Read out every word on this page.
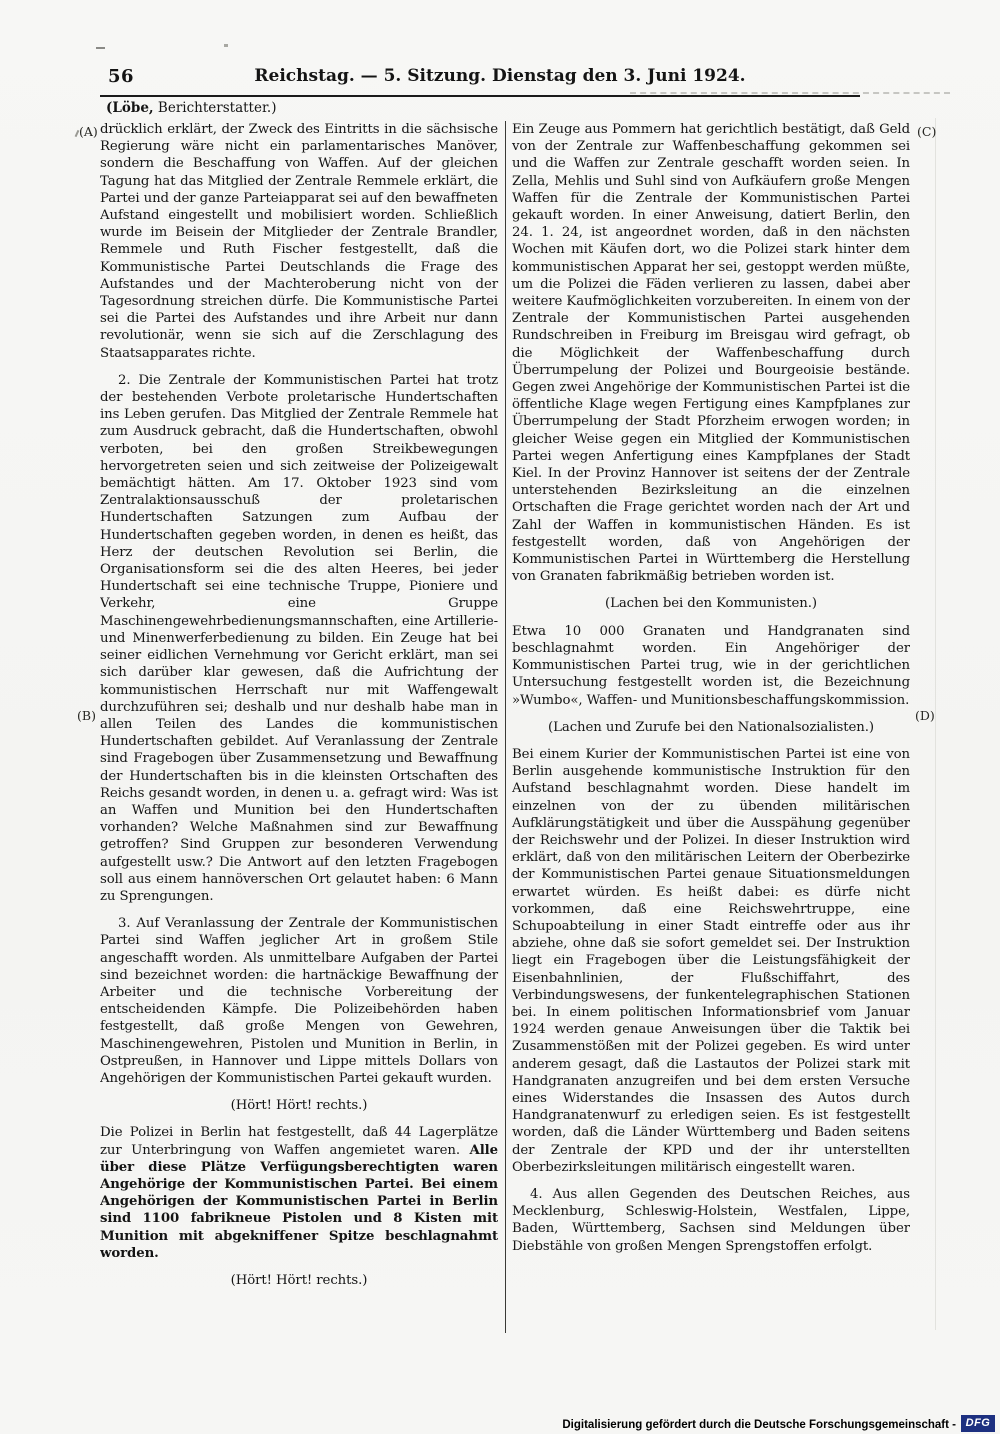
56	Reichstag. — 5. Sitzung. Dienstag den 3. Juni 1924.
(Löbe, Berichterstatter.)
(A)
(B)
(C)
(D)
drücklich erklärt, der Zweck des Eintritts in die sächsische Regierung wäre nicht ein parlamentarisches Manöver, sondern die Beschaffung von Waffen. Auf der gleichen Tagung hat das Mitglied der Zentrale Remmele erklärt, die Partei und der ganze Parteiapparat sei auf den bewaffneten Aufstand eingestellt und mobilisiert worden. Schließlich wurde im Beisein der Mitglieder der Zentrale Brandler, Remmele und Ruth Fischer festgestellt, daß die Kommunistische Partei Deutschlands die Frage des Aufstandes und der Machteroberung nicht von der Tagesordnung streichen dürfe. Die Kommunistische Partei sei die Partei des Aufstandes und ihre Arbeit nur dann revolutionär, wenn sie sich auf die Zerschlagung des Staatsapparates richte.
2. Die Zentrale der Kommunistischen Partei hat trotz der bestehenden Verbote proletarische Hundertschaften ins Leben gerufen. Das Mitglied der Zentrale Remmele hat zum Ausdruck gebracht, daß die Hundertschaften, obwohl verboten, bei den großen Streikbewegungen hervorgetreten seien und sich zeitweise der Polizeigewalt bemächtigt hätten. Am 17. Oktober 1923 sind vom Zentralaktionsausschuß der proletarischen Hundertschaften Satzungen zum Aufbau der Hundertschaften gegeben worden, in denen es heißt, das Herz der deutschen Revolution sei Berlin, die Organisationsform sei die des alten Heeres, bei jeder Hundertschaft sei eine technische Truppe, Pioniere und Verkehr, eine Gruppe Maschinengewehrbedienungsmannschaften, eine Artillerie- und Minenwerferbedienung zu bilden. Ein Zeuge hat bei seiner eidlichen Vernehmung vor Gericht erklärt, man sei sich darüber klar gewesen, daß die Aufrichtung der kommunistischen Herrschaft nur mit Waffengewalt durchzuführen sei; deshalb und nur deshalb habe man in allen Teilen des Landes die kommunistischen Hundertschaften gebildet. Auf Veranlassung der Zentrale sind Fragebogen über Zusammensetzung und Bewaffnung der Hundertschaften bis in die kleinsten Ortschaften des Reichs gesandt worden, in denen u. a. gefragt wird: Was ist an Waffen und Munition bei den Hundertschaften vorhanden? Welche Maßnahmen sind zur Bewaffnung getroffen? Sind Gruppen zur besonderen Verwendung aufgestellt usw.? Die Antwort auf den letzten Fragebogen soll aus einem hannöverschen Ort gelautet haben: 6 Mann zu Sprengungen.
3. Auf Veranlassung der Zentrale der Kommunistischen Partei sind Waffen jeglicher Art in großem Stile angeschafft worden. Als unmittelbare Aufgaben der Partei sind bezeichnet worden: die hartnäckige Bewaffnung der Arbeiter und die technische Vorbereitung der entscheidenden Kämpfe. Die Polizeibehörden haben festgestellt, daß große Mengen von Gewehren, Maschinengewehren, Pistolen und Munition in Berlin, in Ostpreußen, in Hannover und Lippe mittels Dollars von Angehörigen der Kommunistischen Partei gekauft wurden.
(Hört! Hört! rechts.)
Die Polizei in Berlin hat festgestellt, daß 44 Lagerplätze zur Unterbringung von Waffen angemietet waren. Alle über diese Plätze Verfügungsberechtigten waren Angehörige der Kommunistischen Partei. Bei einem Angehörigen der Kommunistischen Partei in Berlin sind 1100 fabrikneue Pistolen und 8 Kisten mit Munition mit abgekniffener Spitze beschlagnahmt worden.
(Hört! Hört! rechts.)
Ein Zeuge aus Pommern hat gerichtlich bestätigt, daß Geld von der Zentrale zur Waffenbeschaffung gekommen sei und die Waffen zur Zentrale geschafft worden seien. In Zella, Mehlis und Suhl sind von Aufkäufern große Mengen Waffen für die Zentrale der Kommunistischen Partei gekauft worden. In einer Anweisung, datiert Berlin, den 24. 1. 24, ist angeordnet worden, daß in den nächsten Wochen mit Käufen dort, wo die Polizei stark hinter dem kommunistischen Apparat her sei, gestoppt werden müßte, um die Polizei die Fäden verlieren zu lassen, dabei aber weitere Kaufmöglichkeiten vorzubereiten. In einem von der Zentrale der Kommunistischen Partei ausgehenden Rundschreiben in Freiburg im Breisgau wird gefragt, ob die Möglichkeit der Waffenbeschaffung durch Überrumpelung der Polizei und Bourgeoisie bestände. Gegen zwei Angehörige der Kommunistischen Partei ist die öffentliche Klage wegen Fertigung eines Kampfplanes zur Überrumpelung der Stadt Pforzheim erwogen worden; in gleicher Weise gegen ein Mitglied der Kommunistischen Partei wegen Anfertigung eines Kampfplanes der Stadt Kiel. In der Provinz Hannover ist seitens der der Zentrale unterstehenden Bezirksleitung an die einzelnen Ortschaften die Frage gerichtet worden nach der Art und Zahl der Waffen in kommunistischen Händen. Es ist festgestellt worden, daß von Angehörigen der Kommunistischen Partei in Württemberg die Herstellung von Granaten fabrikmäßig betrieben worden ist.
(Lachen bei den Kommunisten.)
Etwa 10 000 Granaten und Handgranaten sind beschlagnahmt worden. Ein Angehöriger der Kommunistischen Partei trug, wie in der gerichtlichen Untersuchung festgestellt worden ist, die Bezeichnung »Wumbo«, Waffen- und Munitionsbeschaffungskommission.
(Lachen und Zurufe bei den Nationalsozialisten.)
Bei einem Kurier der Kommunistischen Partei ist eine von Berlin ausgehende kommunistische Instruktion für den Aufstand beschlagnahmt worden. Diese handelt im einzelnen von der zu übenden militärischen Aufklärungstätigkeit und über die Ausspähung gegenüber der Reichswehr und der Polizei. In dieser Instruktion wird erklärt, daß von den militärischen Leitern der Oberbezirke der Kommunistischen Partei genaue Situationsmeldungen erwartet würden. Es heißt dabei: es dürfe nicht vorkommen, daß eine Reichswehrtruppe, eine Schupoabteilung in einer Stadt eintreffe oder aus ihr abziehe, ohne daß sie sofort gemeldet sei. Der Instruktion liegt ein Fragebogen über die Leistungsfähigkeit der Eisenbahnlinien, der Flußschiffahrt, des Verbindungswesens, der funkentelegraphischen Stationen bei. In einem politischen Informationsbrief vom Januar 1924 werden genaue Anweisungen über die Taktik bei Zusammenstößen mit der Polizei gegeben. Es wird unter anderem gesagt, daß die Lastautos der Polizei stark mit Handgranaten anzugreifen und bei dem ersten Versuche eines Widerstandes die Insassen des Autos durch Handgranatenwurf zu erledigen seien. Es ist festgestellt worden, daß die Länder Württemberg und Baden seitens der Zentrale der KPD und der ihr unterstellten Oberbezirksleitungen militärisch eingestellt waren.
4. Aus allen Gegenden des Deutschen Reiches, aus Mecklenburg, Schleswig-Holstein, Westfalen, Lippe, Baden, Württemberg, Sachsen sind Meldungen über Diebstähle von großen Mengen Sprengstoffen erfolgt.
Digitalisierung gefördert durch die Deutsche Forschungsgemeinschaft - DFG
